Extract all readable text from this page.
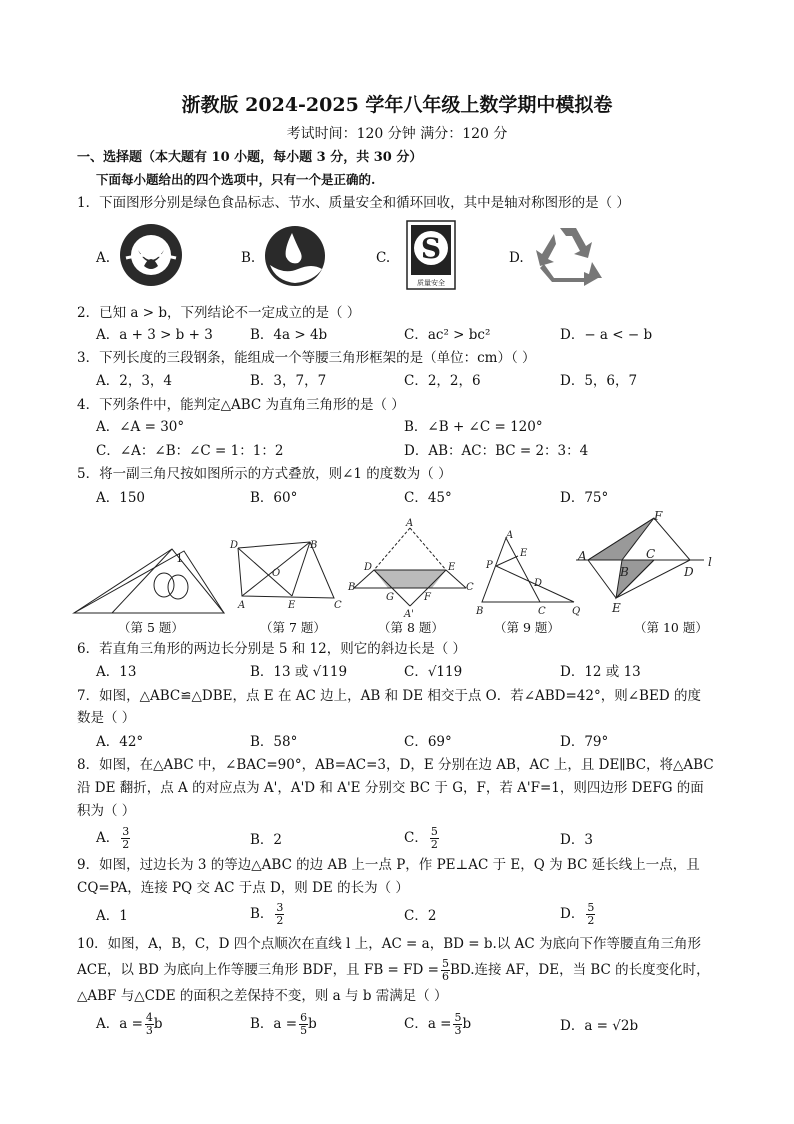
浙教版 2024-2025 学年八年级上数学期中模拟卷
考试时间：120 分钟 满分：120 分
一、选择题（本大题有 10 小题，每小题 3 分，共 30 分）
下面每小题给出的四个选项中，只有一个是正确的.
1．下面图形分别是绿色食品标志、节水、质量安全和循环回收，其中是轴对称图形的是（ ）
A.	B.	C.	D.
S
质量安全
2．已知 a > b，下列结论不一定成立的是（ ）
A．a + 3 > b + 3	B．4a > 4b	C．ac² > bc²	D．− a < − b
3．下列长度的三段钢条，能组成一个等腰三角形框架的是（单位：cm）（ ）
A．2，3，4	B．3，7，7	C．2，2，6	D．5，6，7
4．下列条件中，能判定△ABC 为直角三角形的是（ ）
A．∠A = 30°	B．∠B + ∠C = 120°
C．∠A：∠B：∠C = 1：1：2	D．AB：AC：BC = 2：3：4
5．将一副三角尺按如图所示的方式叠放，则∠1 的度数为（ ）
A．150	B．60°	C．45°	D．75°
1
D
O
A	E
B
C
A
D	E
B
G	F
C
A'
A
P
E
D
B	C	Q
F
A	C
B	D
l
E
（第 5 题）	（第 7 题）	（第 8 题）	（第 9 题）	（第 10 题）
6．若直角三角形的两边长分别是 5 和 12，则它的斜边长是（ ）
A．13	B．13 或 √119	C．√119	D．12 或 13
7．如图，△ABC≌△DBE，点 E 在 AC 边上，AB 和 DE 相交于点 O．若∠ABD=42°，则∠BED 的度
数是（ ）
A．42°	B．58°	C．69°	D．79°
8．如图，在△ABC 中，∠BAC=90°，AB=AC=3，D，E 分别在边 AB，AC 上，且 DE∥BC，将△ABC
沿 DE 翻折，点 A 的对应点为 A'，A'D 和 A'E 分别交 BC 于 G，F，若 A'F=1，则四边形 DEFG 的面
积为（ ）
A． $\frac{3}{2}$	B．2	C． $\frac{5}{2}$	D．3
9．如图，过边长为 3 的等边△ABC 的边 AB 上一点 P，作 PE⊥AC 于 E，Q 为 BC 延长线上一点，且
CQ=PA，连接 PQ 交 AC 于点 D，则 DE 的长为（ ）
A．1	B． $\frac{3}{2}$	C．2	D． $\frac{5}{2}$
10．如图，A，B，C，D 四个点顺次在直线 l 上，AC = a，BD = b.以 AC 为底向下作等腰直角三角形
ACE，以 BD 为底向上作等腰三角形 BDF，且 FB = FD = $\frac{5}{6}$ BD.连接 AF，DE，当 BC 的长度变化时，
△ABF 与△CDE 的面积之差保持不变，则 a 与 b 需满足（ ）
A．$a = \frac{4}{3}$ b	B．$a = \frac{6}{5}$ b	C．$a = \frac{5}{3}$ b	D．a = √2b
